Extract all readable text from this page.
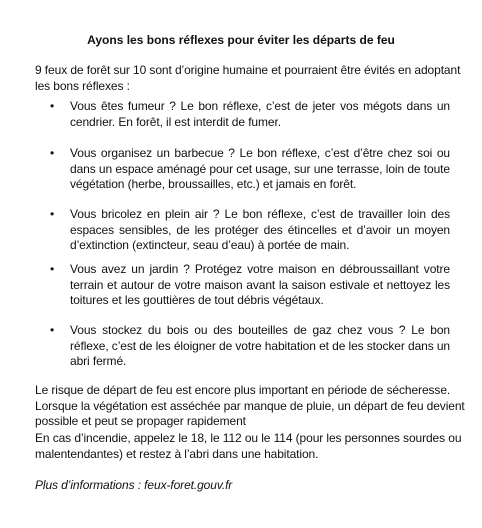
Ayons les bons réflexes pour éviter les départs de feu

9 feux de forêt sur 10 sont d’origine humaine et pourraient être évités en adoptant les bons réflexes :

• Vous êtes fumeur ? Le bon réflexe, c’est de jeter vos mégots dans un cendrier. En forêt, il est interdit de fumer.
• Vous organisez un barbecue ? Le bon réflexe, c’est d’être chez soi ou dans un espace aménagé pour cet usage, sur une terrasse, loin de toute végétation (herbe, broussailles, etc.) et jamais en forêt.
• Vous bricolez en plein air ? Le bon réflexe, c’est de travailler loin des espaces sensibles, de les protéger des étincelles et d’avoir un moyen d’extinction (extincteur, seau d’eau) à portée de main.
• Vous avez un jardin ? Protégez votre maison en débroussaillant votre terrain et autour de votre maison avant la saison estivale et nettoyez les toitures et les gouttières de tout débris végétaux.
• Vous stockez du bois ou des bouteilles de gaz chez vous ? Le bon réflexe, c’est de les éloigner de votre habitation et de les stocker dans un abri fermé.

Le risque de départ de feu est encore plus important en période de sécheresse. Lorsque la végétation est asséchée par manque de pluie, un départ de feu devient possible et peut se propager rapidement

En cas d’incendie, appelez le 18, le 112 ou le 114 (pour les personnes sourdes ou malentendantes) et restez à l’abri dans une habitation.

Plus d’informations : feux-foret.gouv.fr
